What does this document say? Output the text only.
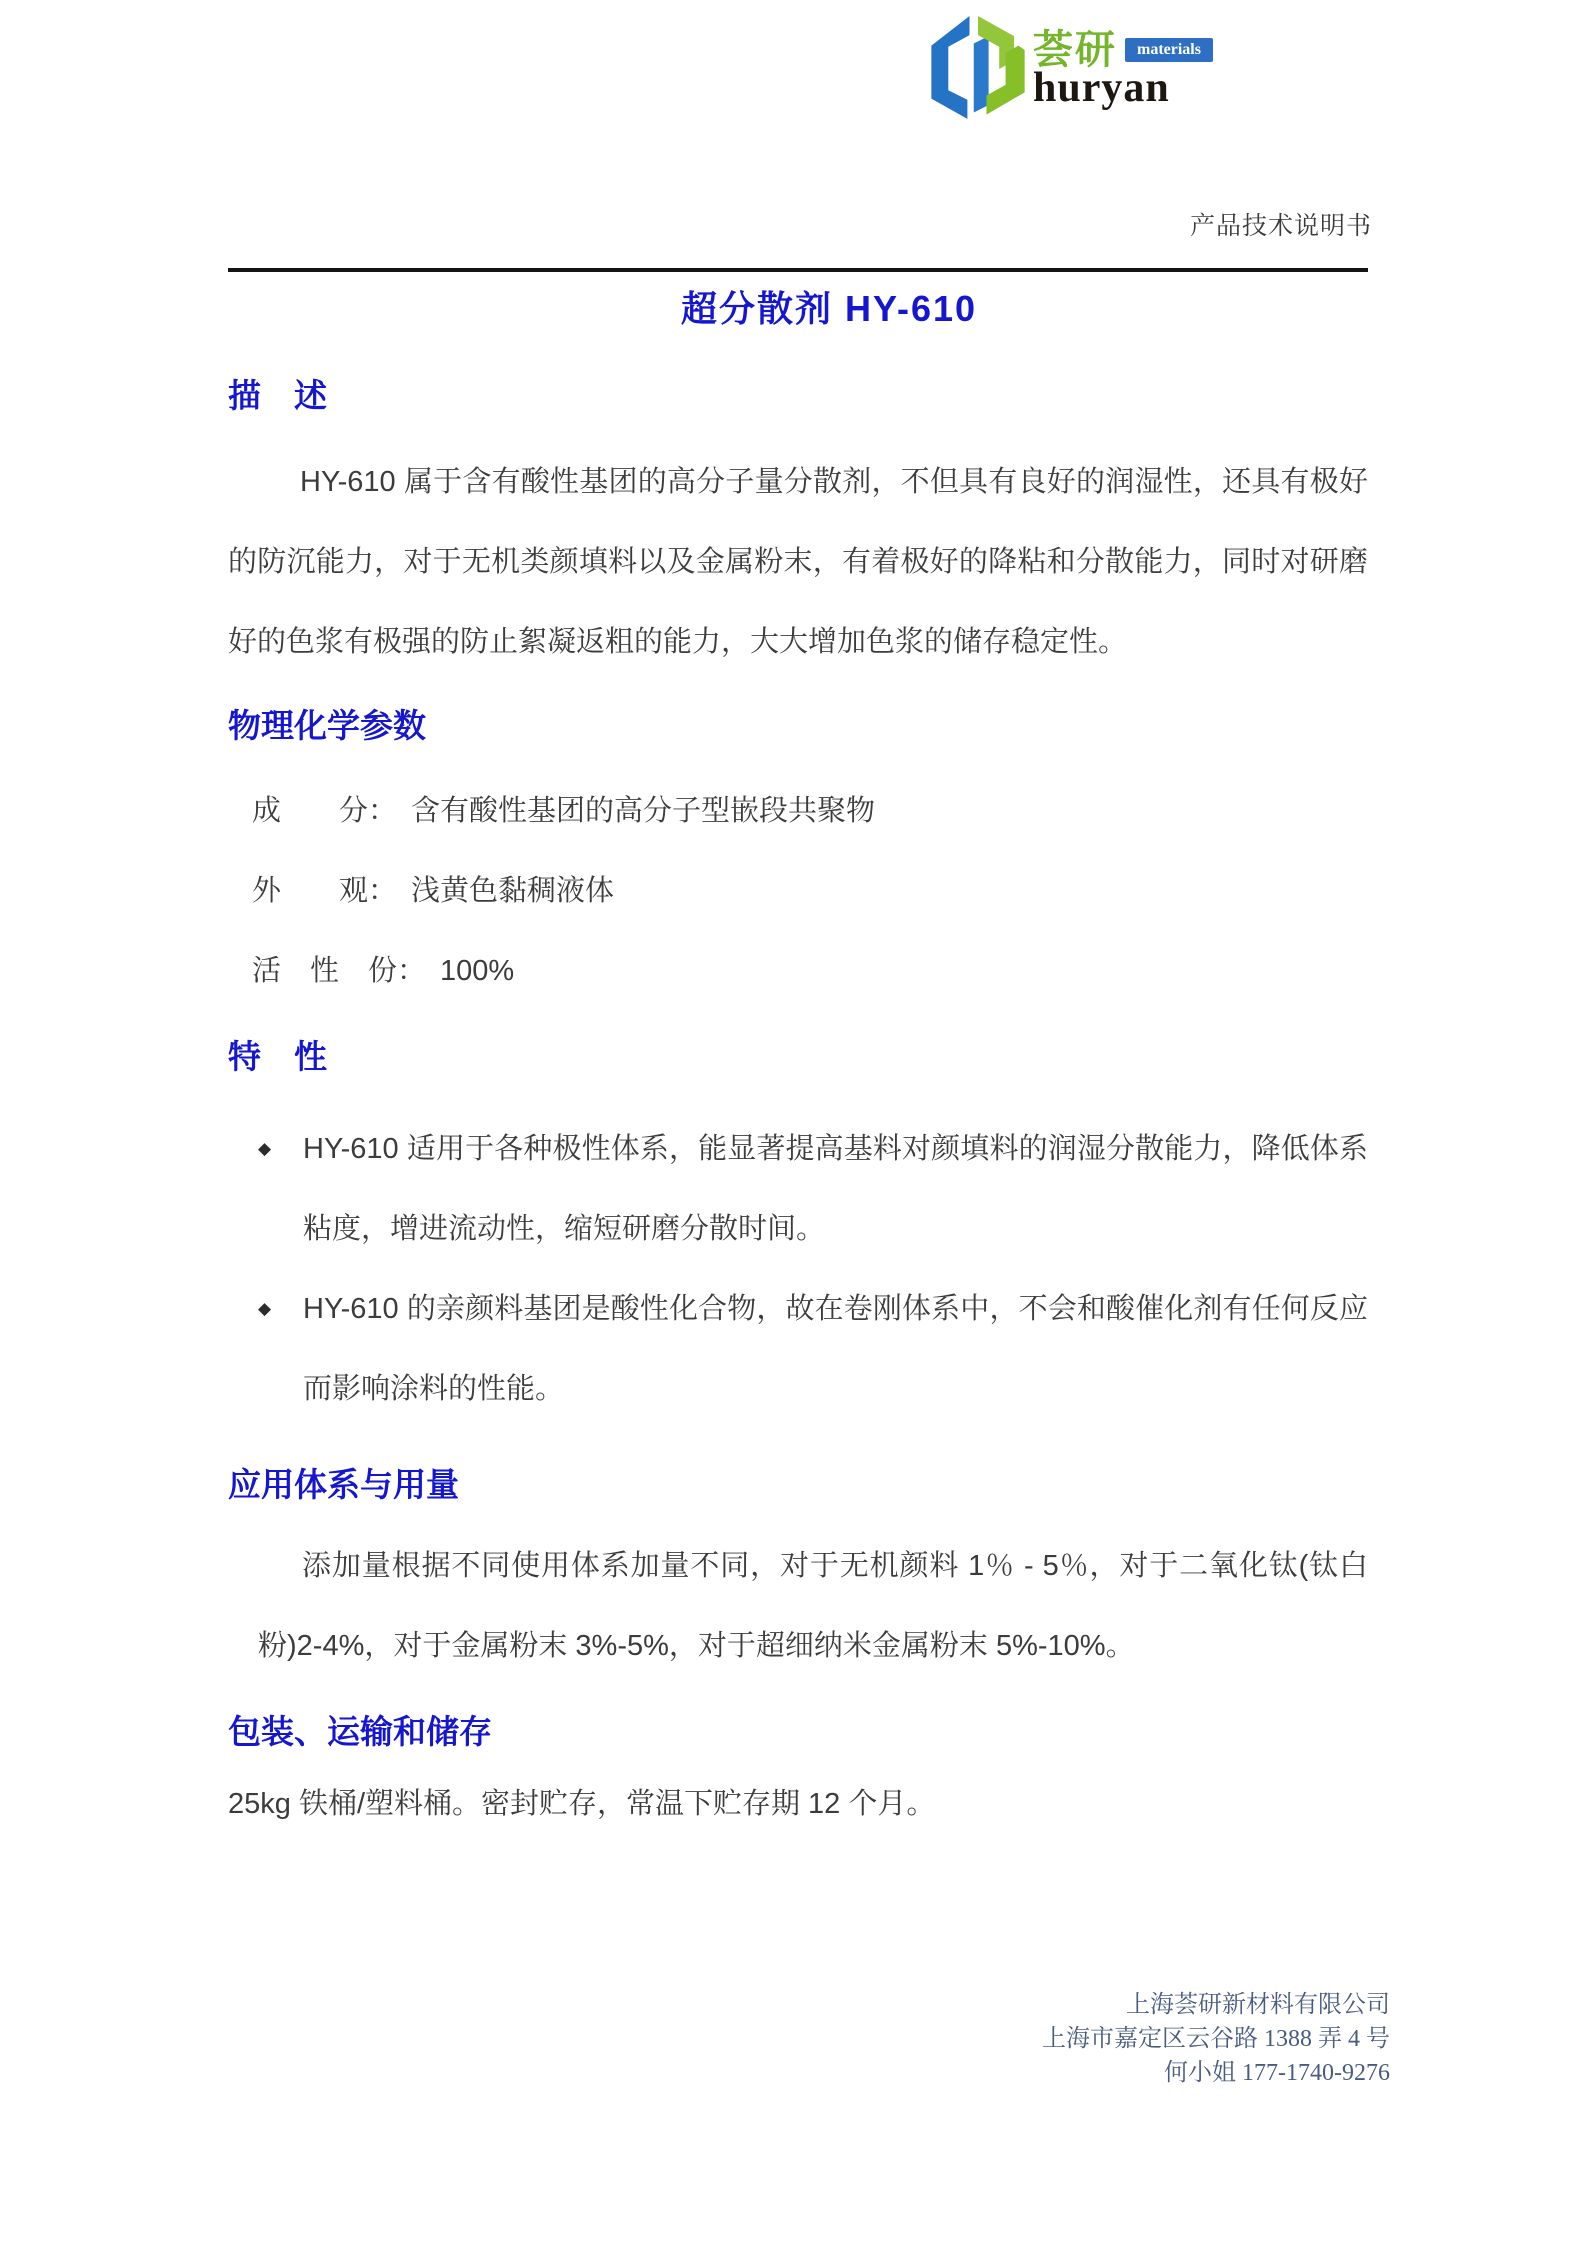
荟研	materials
huryan
产品技术说明书
超分散剂 HY-610
描　述
HY-610 属于含有酸性基团的高分子量分散剂，不但具有良好的润湿性，还具有极好的防沉能力，对于无机类颜填料以及金属粉末，有着极好的降粘和分散能力，同时对研磨好的色浆有极强的防止絮凝返粗的能力，大大增加色浆的储存稳定性。
物理化学参数
成　　分： 含有酸性基团的高分子型嵌段共聚物
外　　观： 浅黄色黏稠液体
活　性　份： 100%
特　性
◆	HY-610 适用于各种极性体系，能显著提高基料对颜填料的润湿分散能力，降低体系粘度，增进流动性，缩短研磨分散时间。
◆	HY-610 的亲颜料基团是酸性化合物，故在卷刚体系中，不会和酸催化剂有任何反应而影响涂料的性能。
应用体系与用量
添加量根据不同使用体系加量不同，对于无机颜料 1％ - 5％，对于二氧化钛(钛白粉)2-4%，对于金属粉末 3%-5%，对于超细纳米金属粉末 5%-10%。
包装、运输和储存
25kg 铁桶/塑料桶。密封贮存，常温下贮存期 12 个月。
上海荟研新材料有限公司
上海市嘉定区云谷路 1388 弄 4 号
何小姐 177-1740-9276
